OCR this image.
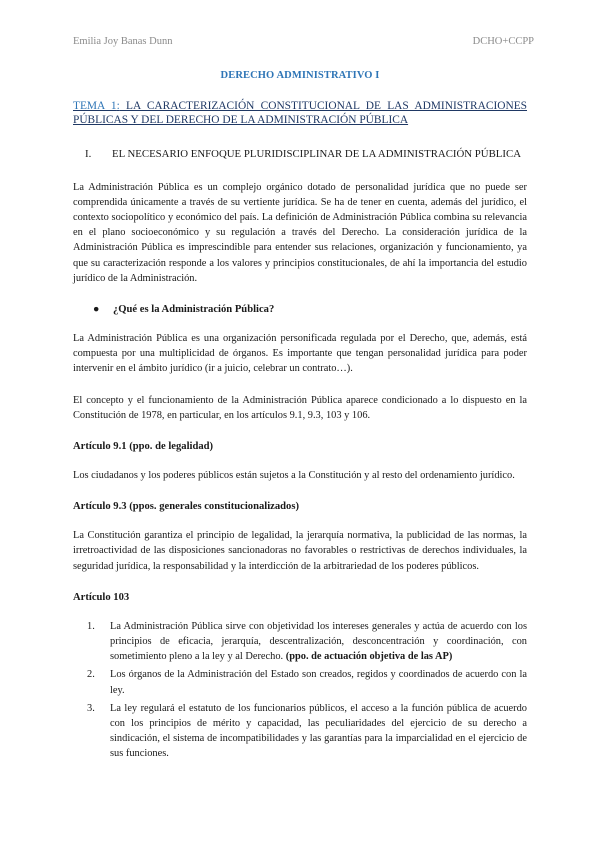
Emilia Joy Banas Dunn	DCHO+CCPP
DERECHO ADMINISTRATIVO I
TEMA 1: LA CARACTERIZACIÓN CONSTITUCIONAL DE LAS ADMINISTRACIONES PÚBLICAS Y DEL DERECHO DE LA ADMINISTRACIÓN PÚBLICA
I.	EL NECESARIO ENFOQUE PLURIDISCIPLINAR DE LA ADMINISTRACIÓN PÚBLICA

La Administración Pública es un complejo orgánico dotado de personalidad jurídica que no puede ser comprendida únicamente a través de su vertiente jurídica. Se ha de tener en cuenta, además del jurídico, el contexto sociopolítico y económico del país. La definición de Administración Pública combina su relevancia en el plano socioeconómico y su regulación a través del Derecho. La consideración jurídica de la Administración Pública es imprescindible para entender sus relaciones, organización y funcionamiento, ya que su caracterización responde a los valores y principios constitucionales, de ahí la importancia del estudio jurídico de la Administración.

●	¿Qué es la Administración Pública?

La Administración Pública es una organización personificada regulada por el Derecho, que, además, está compuesta por una multiplicidad de órganos. Es importante que tengan personalidad jurídica para poder intervenir en el ámbito jurídico (ir a juicio, celebrar un contrato…).

El concepto y el funcionamiento de la Administración Pública aparece condicionado a lo dispuesto en la Constitución de 1978, en particular, en los artículos 9.1, 9.3, 103 y 106.

Artículo 9.1 (ppo. de legalidad)

Los ciudadanos y los poderes públicos están sujetos a la Constitución y al resto del ordenamiento jurídico.

Artículo 9.3 (ppos. generales constitucionalizados)

La Constitución garantiza el principio de legalidad, la jerarquía normativa, la publicidad de las normas, la irretroactividad de las disposiciones sancionadoras no favorables o restrictivas de derechos individuales, la seguridad jurídica, la responsabilidad y la interdicción de la arbitrariedad de los poderes públicos.

Artículo 103
1.	La Administración Pública sirve con objetividad los intereses generales y actúa de acuerdo con los principios de eficacia, jerarquía, descentralización, desconcentración y coordinación, con sometimiento pleno a la ley y al Derecho. (ppo. de actuación objetiva de las AP)
2.	Los órganos de la Administración del Estado son creados, regidos y coordinados de acuerdo con la ley.
3.	La ley regulará el estatuto de los funcionarios públicos, el acceso a la función pública de acuerdo con los principios de mérito y capacidad, las peculiaridades del ejercicio de su derecho a sindicación, el sistema de incompatibilidades y las garantías para la imparcialidad en el ejercicio de sus funciones.
